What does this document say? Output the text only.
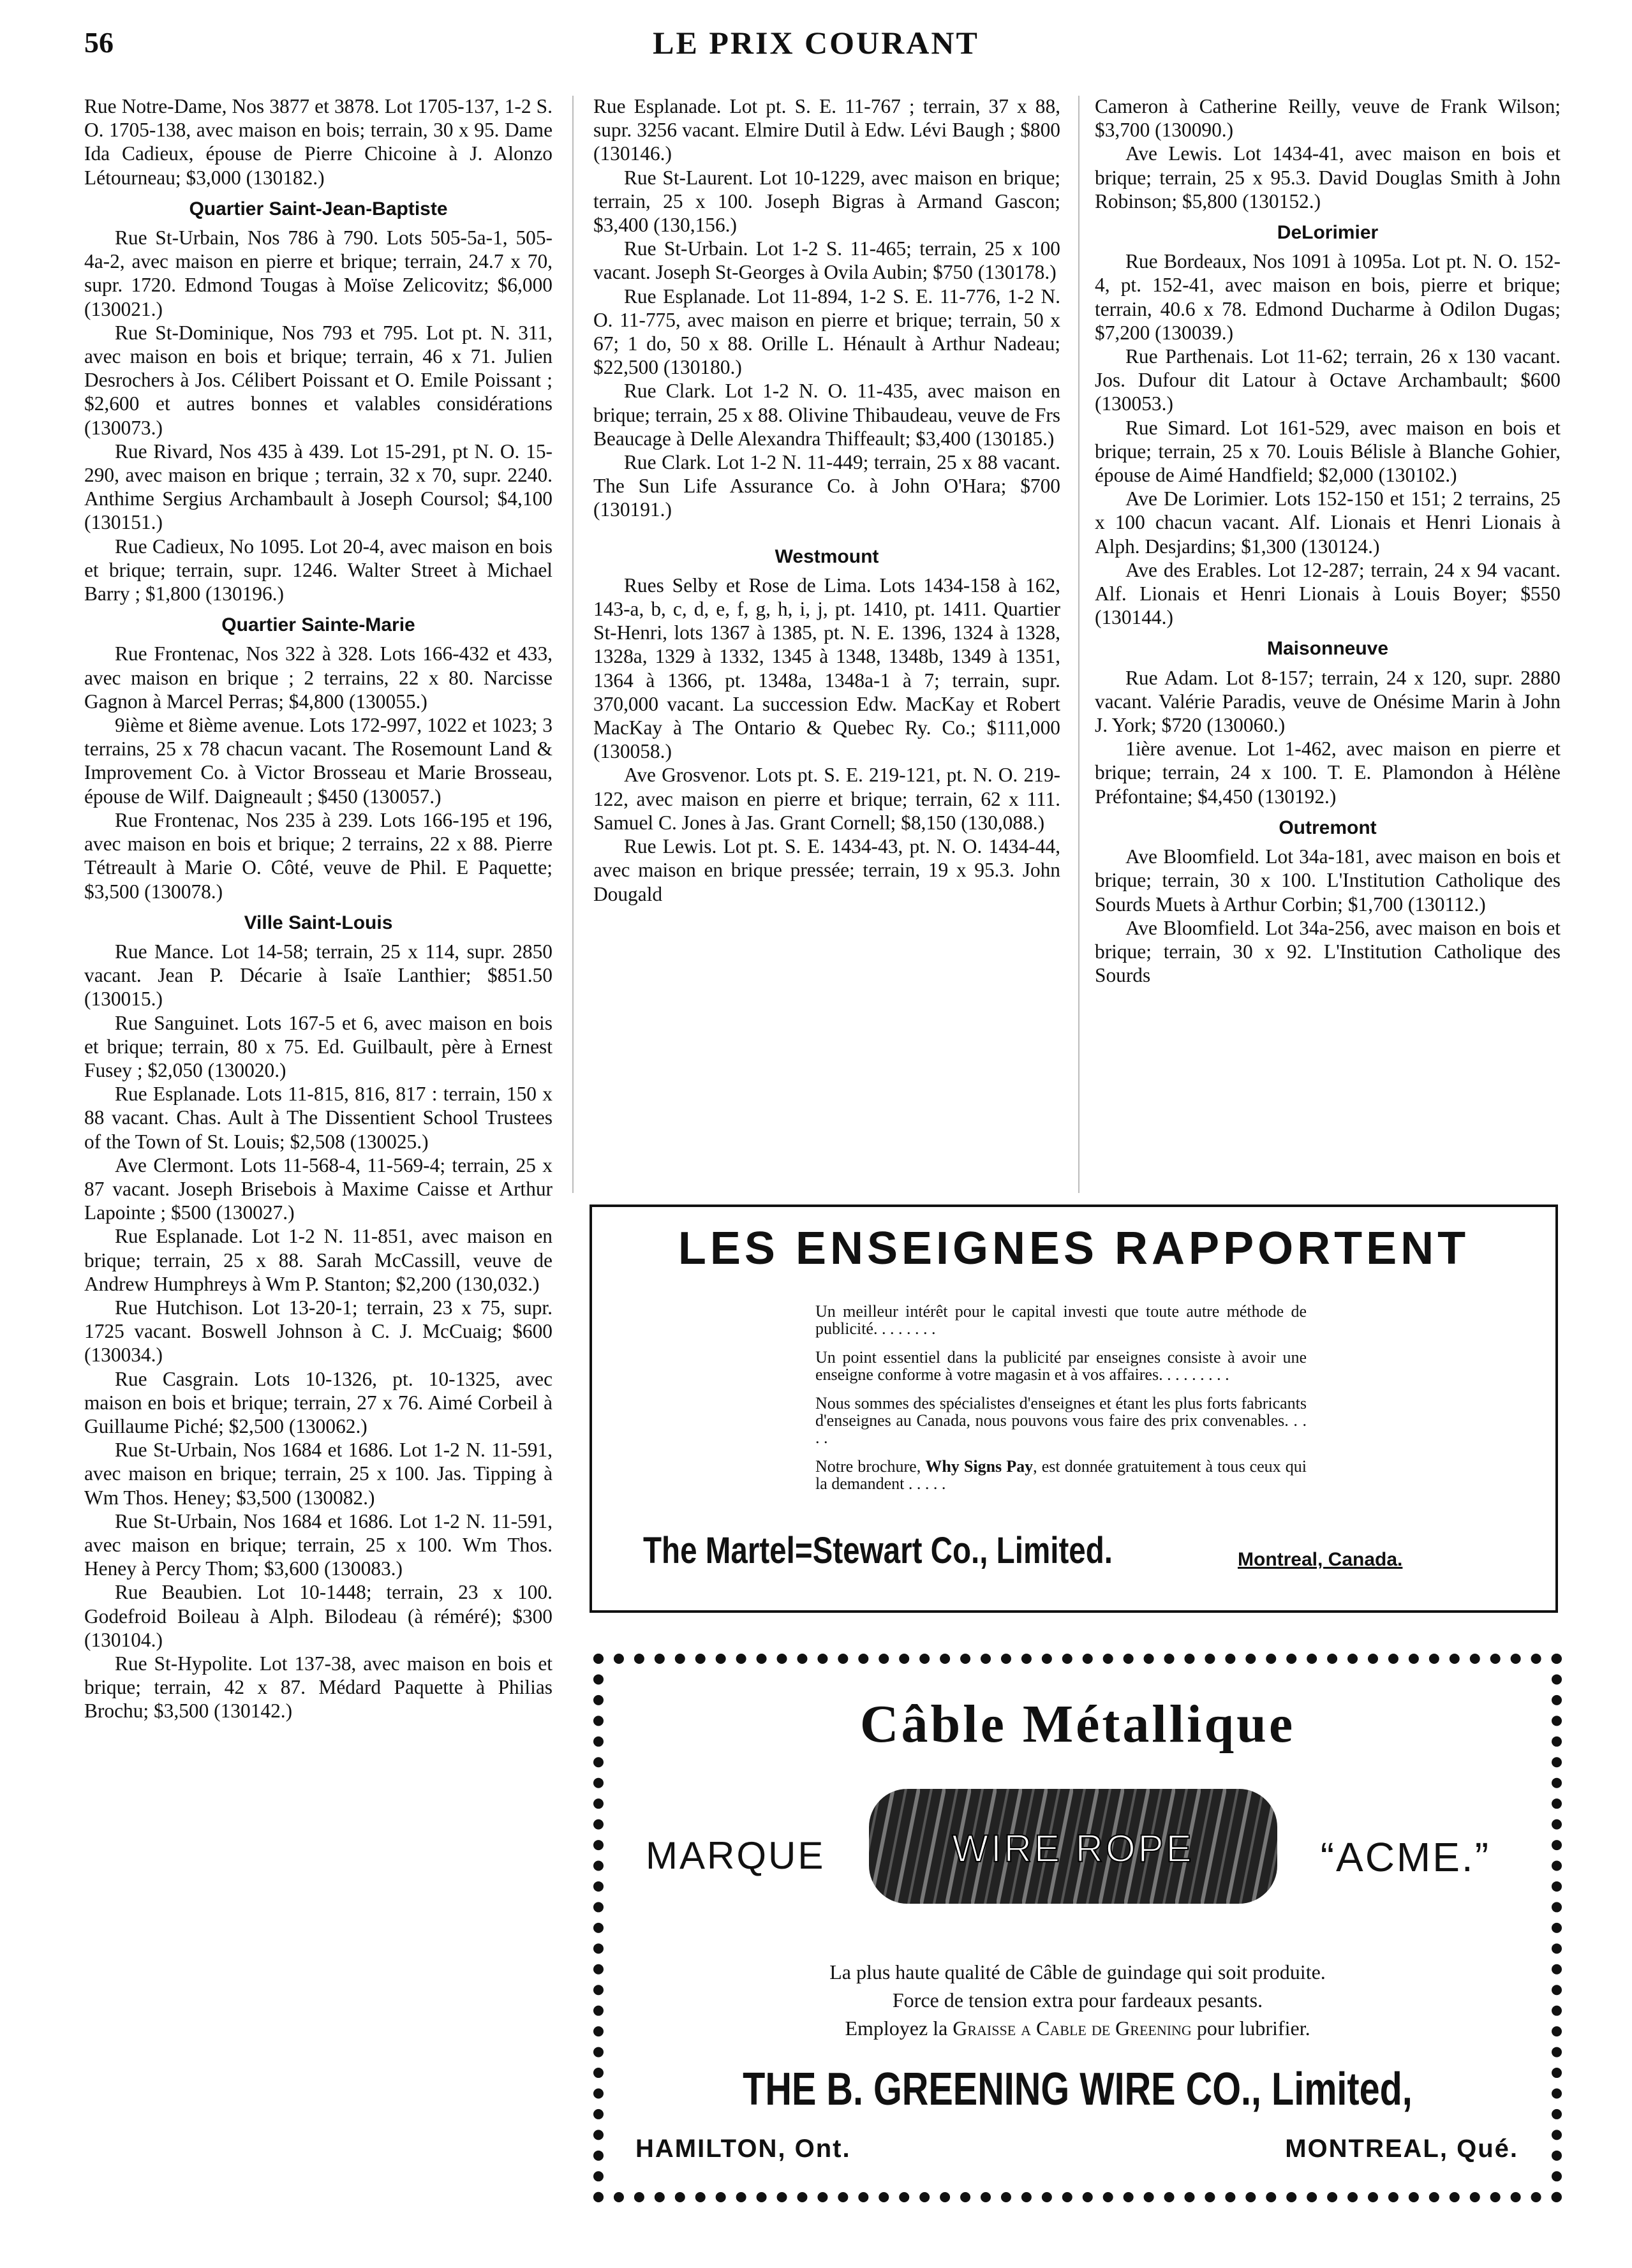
56	LE PRIX COURANT

Rue Notre-Dame, Nos 3877 et 3878. Lot 1705-137, 1-2 S. O. 1705-138, avec maison en bois; terrain, 30 x 95. Dame Ida Cadieux, épouse de Pierre Chicoine à J. Alonzo Létourneau; $3,000 (130182.)

Quartier Saint-Jean-Baptiste

Rue St-Urbain, Nos 786 à 790. Lots 505-5a-1, 505-4a-2, avec maison en pierre et brique; terrain, 24.7 x 70, supr. 1720. Edmond Tougas à Moïse Zelicovitz; $6,000 (130021.)

Rue St-Dominique, Nos 793 et 795. Lot pt. N. 311, avec maison en bois et brique; terrain, 46 x 71. Julien Desrochers à Jos. Célibert Poissant et O. Emile Poissant ; $2,600 et autres bonnes et valables considérations (130073.)

Rue Rivard, Nos 435 à 439. Lot 15-291, pt N. O. 15-290, avec maison en brique ; terrain, 32 x 70, supr. 2240. Anthime Sergius Archambault à Joseph Coursol; $4,100 (130151.)

Rue Cadieux, No 1095. Lot 20-4, avec maison en bois et brique; terrain, supr. 1246. Walter Street à Michael Barry ; $1,800 (130196.)

Quartier Sainte-Marie

Rue Frontenac, Nos 322 à 328. Lots 166-432 et 433, avec maison en brique ; 2 terrains, 22 x 80. Narcisse Gagnon à Marcel Perras; $4,800 (130055.)

9ième et 8ième avenue. Lots 172-997, 1022 et 1023; 3 terrains, 25 x 78 chacun vacant. The Rosemount Land & Improvement Co. à Victor Brosseau et Marie Brosseau, épouse de Wilf. Daigneault ; $450 (130057.)

Rue Frontenac, Nos 235 à 239. Lots 166-195 et 196, avec maison en bois et brique; 2 terrains, 22 x 88. Pierre Tétreault à Marie O. Côté, veuve de Phil. E Paquette; $3,500 (130078.)

Ville Saint-Louis

Rue Mance. Lot 14-58; terrain, 25 x 114, supr. 2850 vacant. Jean P. Décarie à Isaïe Lanthier; $851.50 (130015.)

Rue Sanguinet. Lots 167-5 et 6, avec maison en bois et brique; terrain, 80 x 75. Ed. Guilbault, père à Ernest Fusey ; $2,050 (130020.)

Rue Esplanade. Lots 11-815, 816, 817 : terrain, 150 x 88 vacant. Chas. Ault à The Dissentient School Trustees of the Town of St. Louis; $2,508 (130025.)

Ave Clermont. Lots 11-568-4, 11-569-4; terrain, 25 x 87 vacant. Joseph Brisebois à Maxime Caisse et Arthur Lapointe ; $500 (130027.)

Rue Esplanade. Lot 1-2 N. 11-851, avec maison en brique; terrain, 25 x 88. Sarah McCassill, veuve de Andrew Humphreys à Wm P. Stanton; $2,200 (130,032.)

Rue Hutchison. Lot 13-20-1; terrain, 23 x 75, supr. 1725 vacant. Boswell Johnson à C. J. McCuaig; $600 (130034.)

Rue Casgrain. Lots 10-1326, pt. 10-1325, avec maison en bois et brique; terrain, 27 x 76. Aimé Corbeil à Guillaume Piché; $2,500 (130062.)

Rue St-Urbain, Nos 1684 et 1686. Lot 1-2 N. 11-591, avec maison en brique; terrain, 25 x 100. Jas. Tipping à Wm Thos. Heney; $3,500 (130082.)

Rue St-Urbain, Nos 1684 et 1686. Lot 1-2 N. 11-591, avec maison en brique; terrain, 25 x 100. Wm Thos. Heney à Percy Thom; $3,600 (130083.)

Rue Beaubien. Lot 10-1448; terrain, 23 x 100. Godefroid Boileau à Alph. Bilodeau (à réméré); $300 (130104.)

Rue St-Hypolite. Lot 137-38, avec maison en bois et brique; terrain, 42 x 87. Médard Paquette à Philias Brochu; $3,500 (130142.)

Rue Esplanade. Lot pt. S. E. 11-767 ; terrain, 37 x 88, supr. 3256 vacant. Elmire Dutil à Edw. Lévi Baugh ; $800 (130146.)

Rue St-Laurent. Lot 10-1229, avec maison en brique; terrain, 25 x 100. Joseph Bigras à Armand Gascon; $3,400 (130,156.)

Rue St-Urbain. Lot 1-2 S. 11-465; terrain, 25 x 100 vacant. Joseph St-Georges à Ovila Aubin; $750 (130178.)

Rue Esplanade. Lot 11-894, 1-2 S. E. 11-776, 1-2 N. O. 11-775, avec maison en pierre et brique; terrain, 50 x 67; 1 do, 50 x 88. Orille L. Hénault à Arthur Nadeau; $22,500 (130180.)

Rue Clark. Lot 1-2 N. O. 11-435, avec maison en brique; terrain, 25 x 88. Olivine Thibaudeau, veuve de Frs Beaucage à Delle Alexandra Thiffeault; $3,400 (130185.)

Rue Clark. Lot 1-2 N. 11-449; terrain, 25 x 88 vacant. The Sun Life Assurance Co. à John O'Hara; $700 (130191.)

Westmount

Rues Selby et Rose de Lima. Lots 1434-158 à 162, 143-a, b, c, d, e, f, g, h, i, j, pt. 1410, pt. 1411. Quartier St-Henri, lots 1367 à 1385, pt. N. E. 1396, 1324 à 1328, 1328a, 1329 à 1332, 1345 à 1348, 1348b, 1349 à 1351, 1364 à 1366, pt. 1348a, 1348a-1 à 7; terrain, supr. 370,000 vacant. La succession Edw. MacKay et Robert MacKay à The Ontario & Quebec Ry. Co.; $111,000 (130058.)

Ave Grosvenor. Lots pt. S. E. 219-121, pt. N. O. 219-122, avec maison en pierre et brique; terrain, 62 x 111. Samuel C. Jones à Jas. Grant Cornell; $8,150 (130,088.)

Rue Lewis. Lot pt. S. E. 1434-43, pt. N. O. 1434-44, avec maison en brique pressée; terrain, 19 x 95.3. John Dougald

Cameron à Catherine Reilly, veuve de Frank Wilson; $3,700 (130090.)

Ave Lewis. Lot 1434-41, avec maison en bois et brique; terrain, 25 x 95.3. David Douglas Smith à John Robinson; $5,800 (130152.)

DeLorimier

Rue Bordeaux, Nos 1091 à 1095a. Lot pt. N. O. 152-4, pt. 152-41, avec maison en bois, pierre et brique; terrain, 40.6 x 78. Edmond Ducharme à Odilon Dugas; $7,200 (130039.)

Rue Parthenais. Lot 11-62; terrain, 26 x 130 vacant. Jos. Dufour dit Latour à Octave Archambault; $600 (130053.)

Rue Simard. Lot 161-529, avec maison en bois et brique; terrain, 25 x 70. Louis Bélisle à Blanche Gohier, épouse de Aimé Handfield; $2,000 (130102.)

Ave De Lorimier. Lots 152-150 et 151; 2 terrains, 25 x 100 chacun vacant. Alf. Lionais et Henri Lionais à Alph. Desjardins; $1,300 (130124.)

Ave des Erables. Lot 12-287; terrain, 24 x 94 vacant. Alf. Lionais et Henri Lionais à Louis Boyer; $550 (130144.)

Maisonneuve

Rue Adam. Lot 8-157; terrain, 24 x 120, supr. 2880 vacant. Valérie Paradis, veuve de Onésime Marin à John J. York; $720 (130060.)

1ière avenue. Lot 1-462, avec maison en pierre et brique; terrain, 24 x 100. T. E. Plamondon à Hélène Préfontaine; $4,450 (130192.)

Outremont

Ave Bloomfield. Lot 34a-181, avec maison en bois et brique; terrain, 30 x 100. L'Institution Catholique des Sourds Muets à Arthur Corbin; $1,700 (130112.)

Ave Bloomfield. Lot 34a-256, avec maison en bois et brique; terrain, 30 x 92. L'Institution Catholique des Sourds

LES ENSEIGNES RAPPORTENT

Un meilleur intérêt pour le capital investi que toute autre méthode de publicité. . . . . . . .

Un point essentiel dans la publicité par enseignes consiste à avoir une enseigne conforme à votre magasin et à vos affaires. . . . . . . . .

Nous sommes des spécialistes d'enseignes et étant les plus forts fabricants d'enseignes au Canada, nous pouvons vous faire des prix convenables. . . . .

Notre brochure, Why Signs Pay, est donnée gratuitement à tous ceux qui la demandent . . . . .

The Martel=Stewart Co., Limited.	Montreal, Canada.
Câble Métallique
MARQUE	WIRE ROPE	“ACME.”
La plus haute qualité de Câble de guindage qui soit produite.
Force de tension extra pour fardeaux pesants.
Employez la Graisse a Cable de Greening pour lubrifier.
THE B. GREENING WIRE CO., Limited,
HAMILTON, Ont.	MONTREAL, Qué.
